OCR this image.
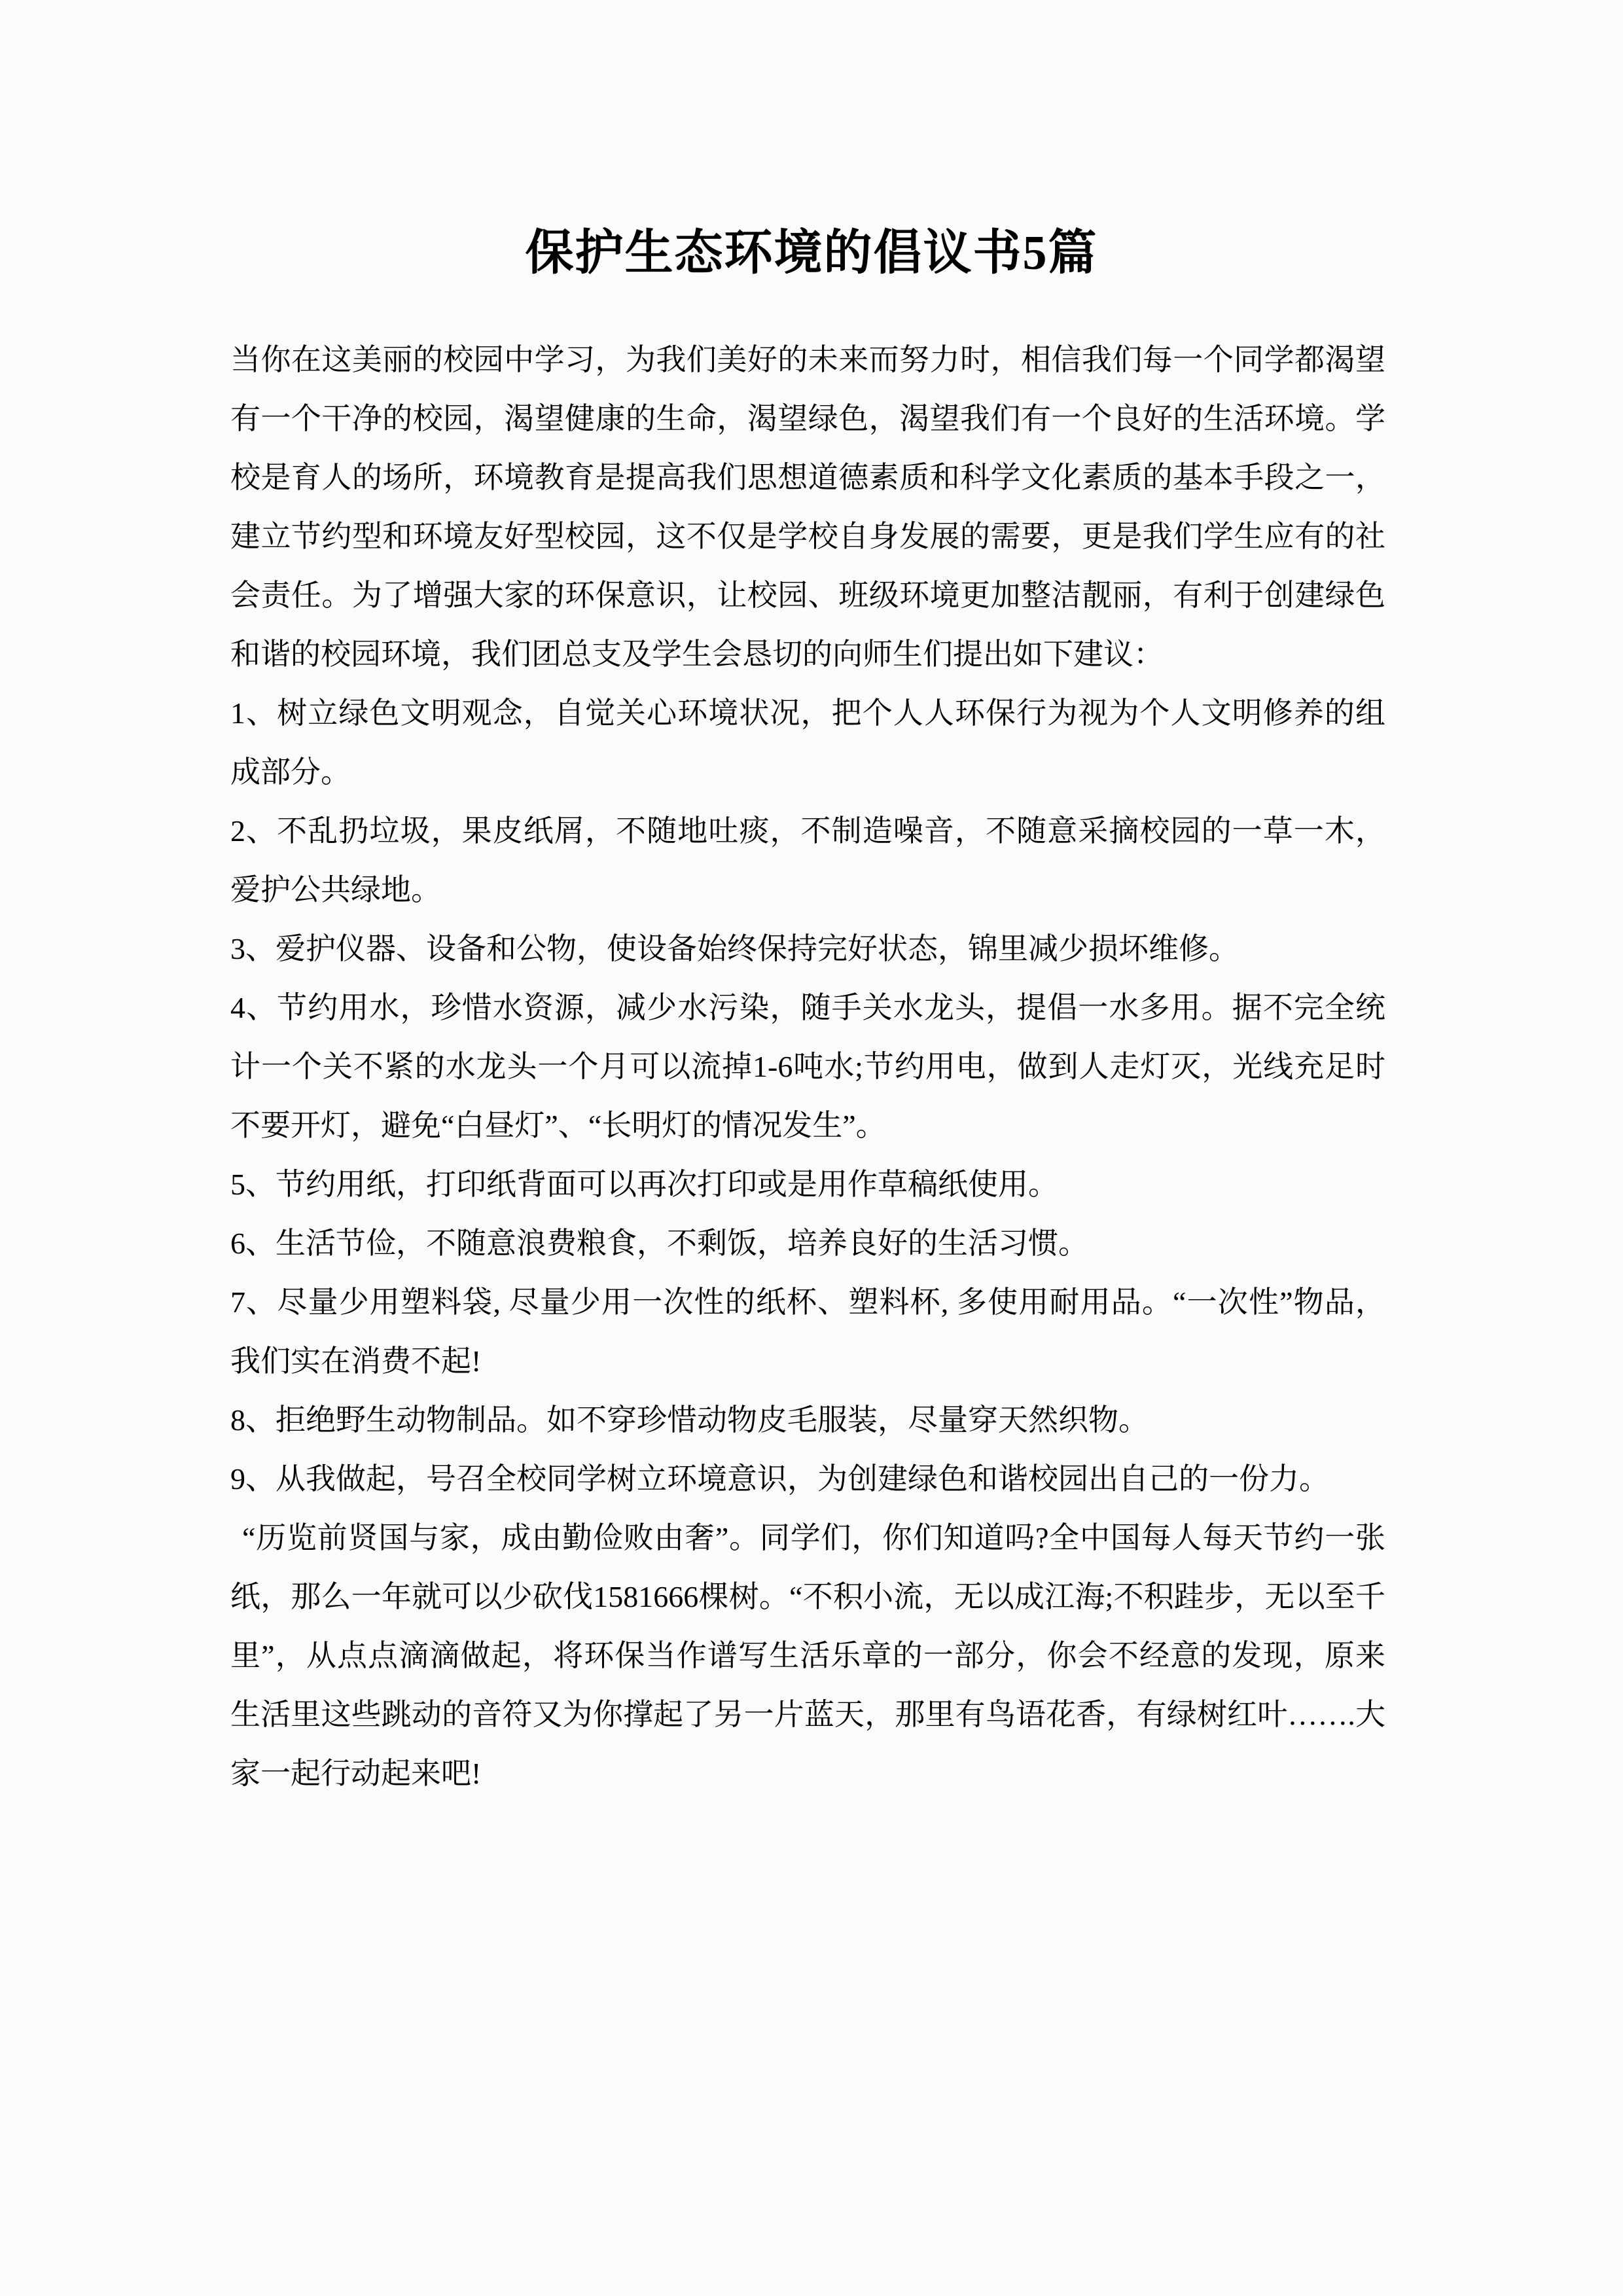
保护生态环境的倡议书5篇

当你在这美丽的校园中学习，为我们美好的未来而努力时，相信我们每一个同学都渴望有一个干净的校园，渴望健康的生命，渴望绿色，渴望我们有一个良好的生活环境。学校是育人的场所，环境教育是提高我们思想道德素质和科学文化素质的基本手段之一，建立节约型和环境友好型校园，这不仅是学校自身发展的需要，更是我们学生应有的社会责任。为了增强大家的环保意识，让校园、班级环境更加整洁靓丽，有利于创建绿色和谐的校园环境，我们团总支及学生会恳切的向师生们提出如下建议：

1、树立绿色文明观念，自觉关心环境状况，把个人人环保行为视为个人文明修养的组成部分。

2、不乱扔垃圾，果皮纸屑，不随地吐痰，不制造噪音，不随意采摘校园的一草一木，爱护公共绿地。

3、爱护仪器、设备和公物，使设备始终保持完好状态，锦里减少损坏维修。

4、节约用水，珍惜水资源，减少水污染，随手关水龙头，提倡一水多用。据不完全统计一个关不紧的水龙头一个月可以流掉1-6吨水;节约用电，做到人走灯灭，光线充足时不要开灯，避免“白昼灯”、“长明灯的情况发生”。

5、节约用纸，打印纸背面可以再次打印或是用作草稿纸使用。

6、生活节俭，不随意浪费粮食，不剩饭，培养良好的生活习惯。

7、尽量少用塑料袋, 尽量少用一次性的纸杯、塑料杯, 多使用耐用品。“一次性”物品，我们实在消费不起!

8、拒绝野生动物制品。如不穿珍惜动物皮毛服装，尽量穿天然织物。

9、从我做起，号召全校同学树立环境意识，为创建绿色和谐校园出自己的一份力。

“历览前贤国与家，成由勤俭败由奢”。同学们，你们知道吗?全中国每人每天节约一张纸，那么一年就可以少砍伐1581666棵树。“不积小流，无以成江海;不积跬步，无以至千里”，从点点滴滴做起，将环保当作谱写生活乐章的一部分，你会不经意的发现，原来生活里这些跳动的音符又为你撑起了另一片蓝天，那里有鸟语花香，有绿树红叶…….大家一起行动起来吧!
